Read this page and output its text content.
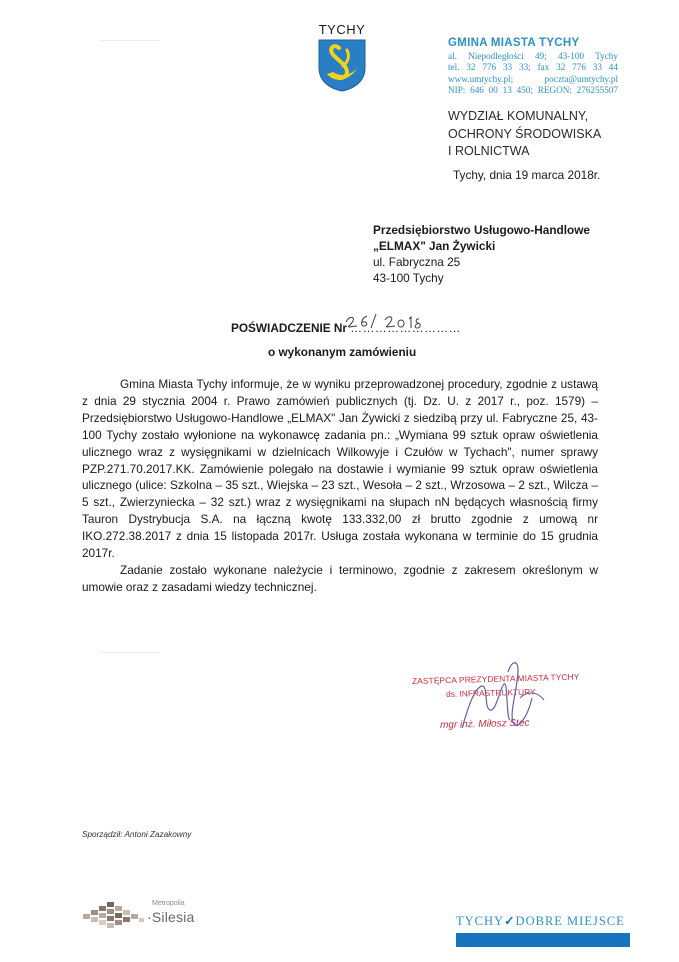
TYCHY
GMINA MIASTA TYCHY
al. Niepodległości 49; 43-100 Tychy
tel. 32 776 33 33; fax 32 776 33 44
www.umtychy.pl; poczta@umtychy.pl
NIP: 646 00 13 450; REGON: 276255507
WYDZIAŁ KOMUNALNY,
OCHRONY ŚRODOWISKA
I ROLNICTWA
Tychy, dnia 19 marca 2018r.
Przedsiębiorstwo Usługowo-Handlowe
„ELMAX" Jan Żywicki
ul. Fabryczna 25
43-100 Tychy
POŚWIADCZENIE Nr ………………………
o wykonanym zamówieniu

Gmina Miasta Tychy informuje, że w wyniku przeprowadzonej procedury, zgodnie z ustawą z dnia 29 stycznia 2004 r. Prawo zamówień publicznych (tj. Dz. U. z 2017 r., poz. 1579) – Przedsiębiorstwo Usługowo-Handlowe „ELMAX" Jan Żywicki z siedzibą przy ul. Fabryczne 25, 43-100 Tychy zostało wyłonione na wykonawcę zadania pn.: „Wymiana 99 sztuk opraw oświetlenia ulicznego wraz z wysięgnikami w dzielnicach Wilkowyje i Czułów w Tychach", numer sprawy PZP.271.70.2017.KK. Zamówienie polegało na dostawie i wymianie 99 sztuk opraw oświetlenia ulicznego (ulice: Szkolna – 35 szt., Wiejska – 23 szt., Wesoła – 2 szt., Wrzosowa – 2 szt., Wilcza – 5 szt., Zwierzyniecka – 32 szt.) wraz z wysięgnikami na słupach nN będących własnością firmy Tauron Dystrybucja S.A. na łączną kwotę 133.332,00 zł brutto zgodnie z umową nr IKO.272.38.2017 z dnia 15 listopada 2017r. Usługa została wykonana w terminie do 15 grudnia 2017r.

Zadanie zostało wykonane należycie i terminowo, zgodnie z zakresem określonym w umowie oraz z zasadami wiedzy technicznej.

ZASTĘPCA PREZYDENTA MIASTA TYCHY
ds. INFRASTRUKTURY
mgr inż. Miłosz Stec
Sporządził: Antoni Zazakowny
Metropolia
·Silesia	TYCHY✓DOBRE MIEJSCE
